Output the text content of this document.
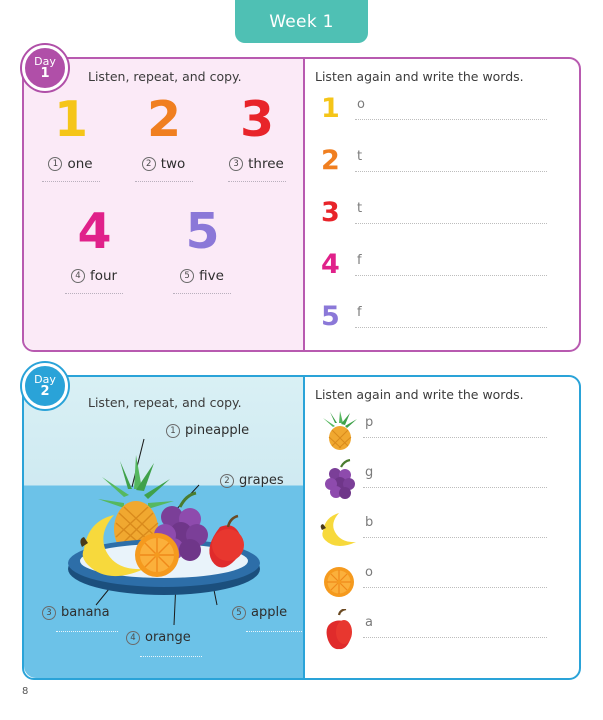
Week 1
Listen, repeat, and copy.
1
1 one
2
2 two
3
3 three
4
4 four
5
5 five
Listen again and write the words.
1	o
2	t
3	t
4	f
5	f
Day
1
Listen, repeat, and copy.
1 pineapple
2 grapes
3 banana
4 orange
5 apple
Listen again and write the words.
p
g
b
o
a
Day
2
8
